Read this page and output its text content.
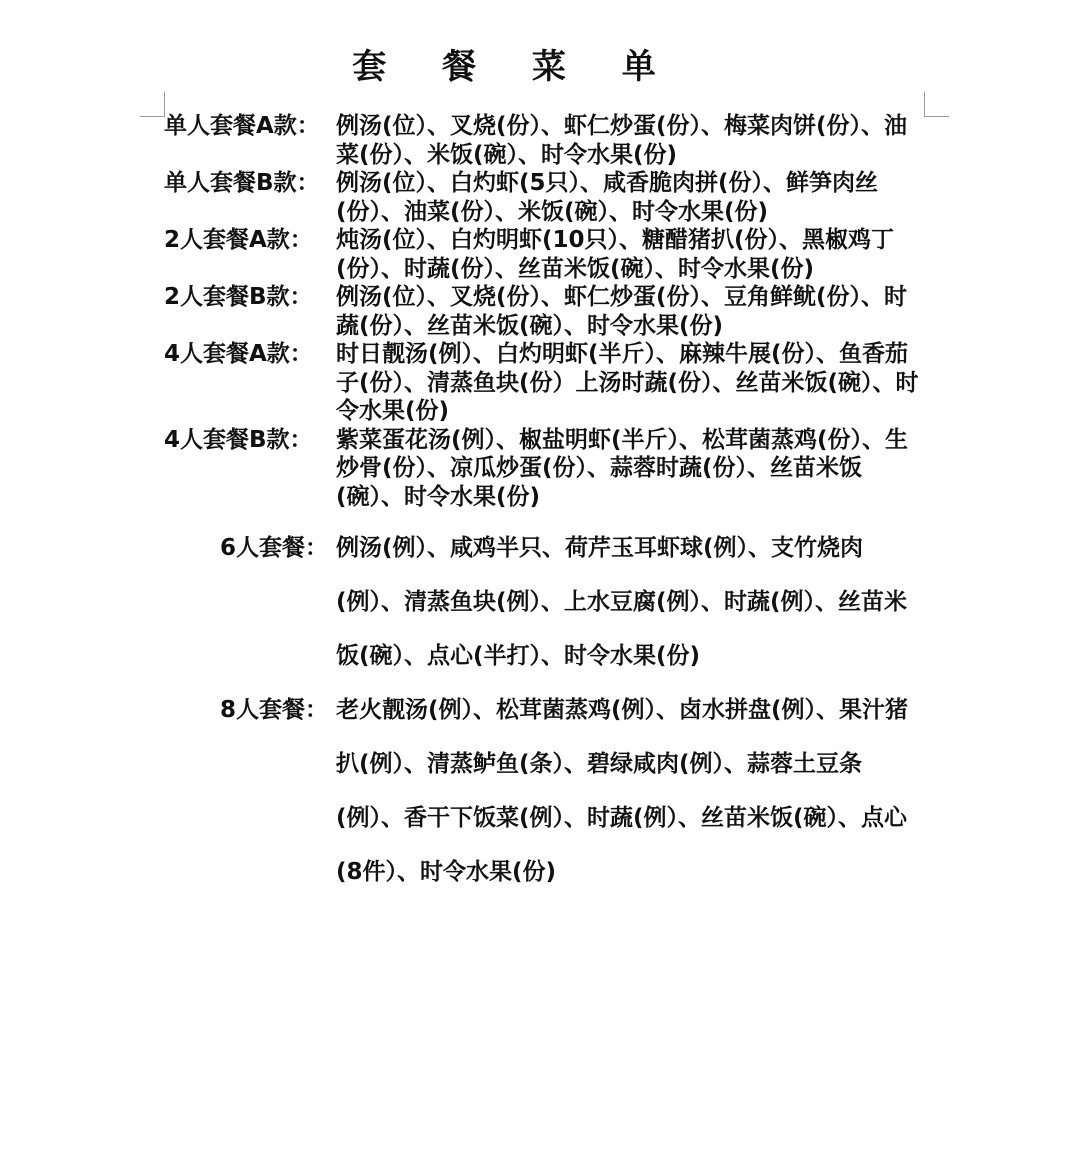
套 餐 菜 单
单人套餐A款： 例汤(位）、叉烧(份）、虾仁炒蛋(份）、梅菜肉饼(份）、油菜(份）、米饭(碗）、时令水果(份)
单人套餐B款： 例汤(位）、白灼虾(5只）、咸香脆肉拼(份）、鲜笋肉丝(份）、油菜(份）、米饭(碗）、时令水果(份)
2人套餐A款：	炖汤(位）、白灼明虾(10只）、糖醋猪扒(份）、黑椒鸡丁(份）、时蔬(份）、丝苗米饭(碗）、时令水果(份)
2人套餐B款：	例汤(位）、叉烧(份）、虾仁炒蛋(份）、豆角鲜鱿(份）、时蔬(份）、丝苗米饭(碗）、时令水果(份)
4人套餐A款：	时日靓汤(例）、白灼明虾(半斤）、麻辣牛展(份）、鱼香茄子(份）、清蒸鱼块(份）上汤时蔬(份）、丝苗米饭(碗）、时令水果(份)
4人套餐B款：	紫菜蛋花汤(例）、椒盐明虾(半斤）、松茸菌蒸鸡(份）、生炒骨(份）、凉瓜炒蛋(份）、蒜蓉时蔬(份）、丝苗米饭(碗）、时令水果(份)
6人套餐： 例汤(例）、咸鸡半只、荷芹玉耳虾球(例）、支竹烧肉(例）、清蒸鱼块(例）、上水豆腐(例）、时蔬(例）、丝苗米饭(碗）、点心(半打）、时令水果(份)
8人套餐： 老火靓汤(例）、松茸菌蒸鸡(例）、卤水拼盘(例）、果汁猪扒(例）、清蒸鲈鱼(条）、碧绿咸肉(例）、蒜蓉土豆条(例）、香干下饭菜(例）、时蔬(例）、丝苗米饭(碗）、点心(8件）、时令水果(份)
